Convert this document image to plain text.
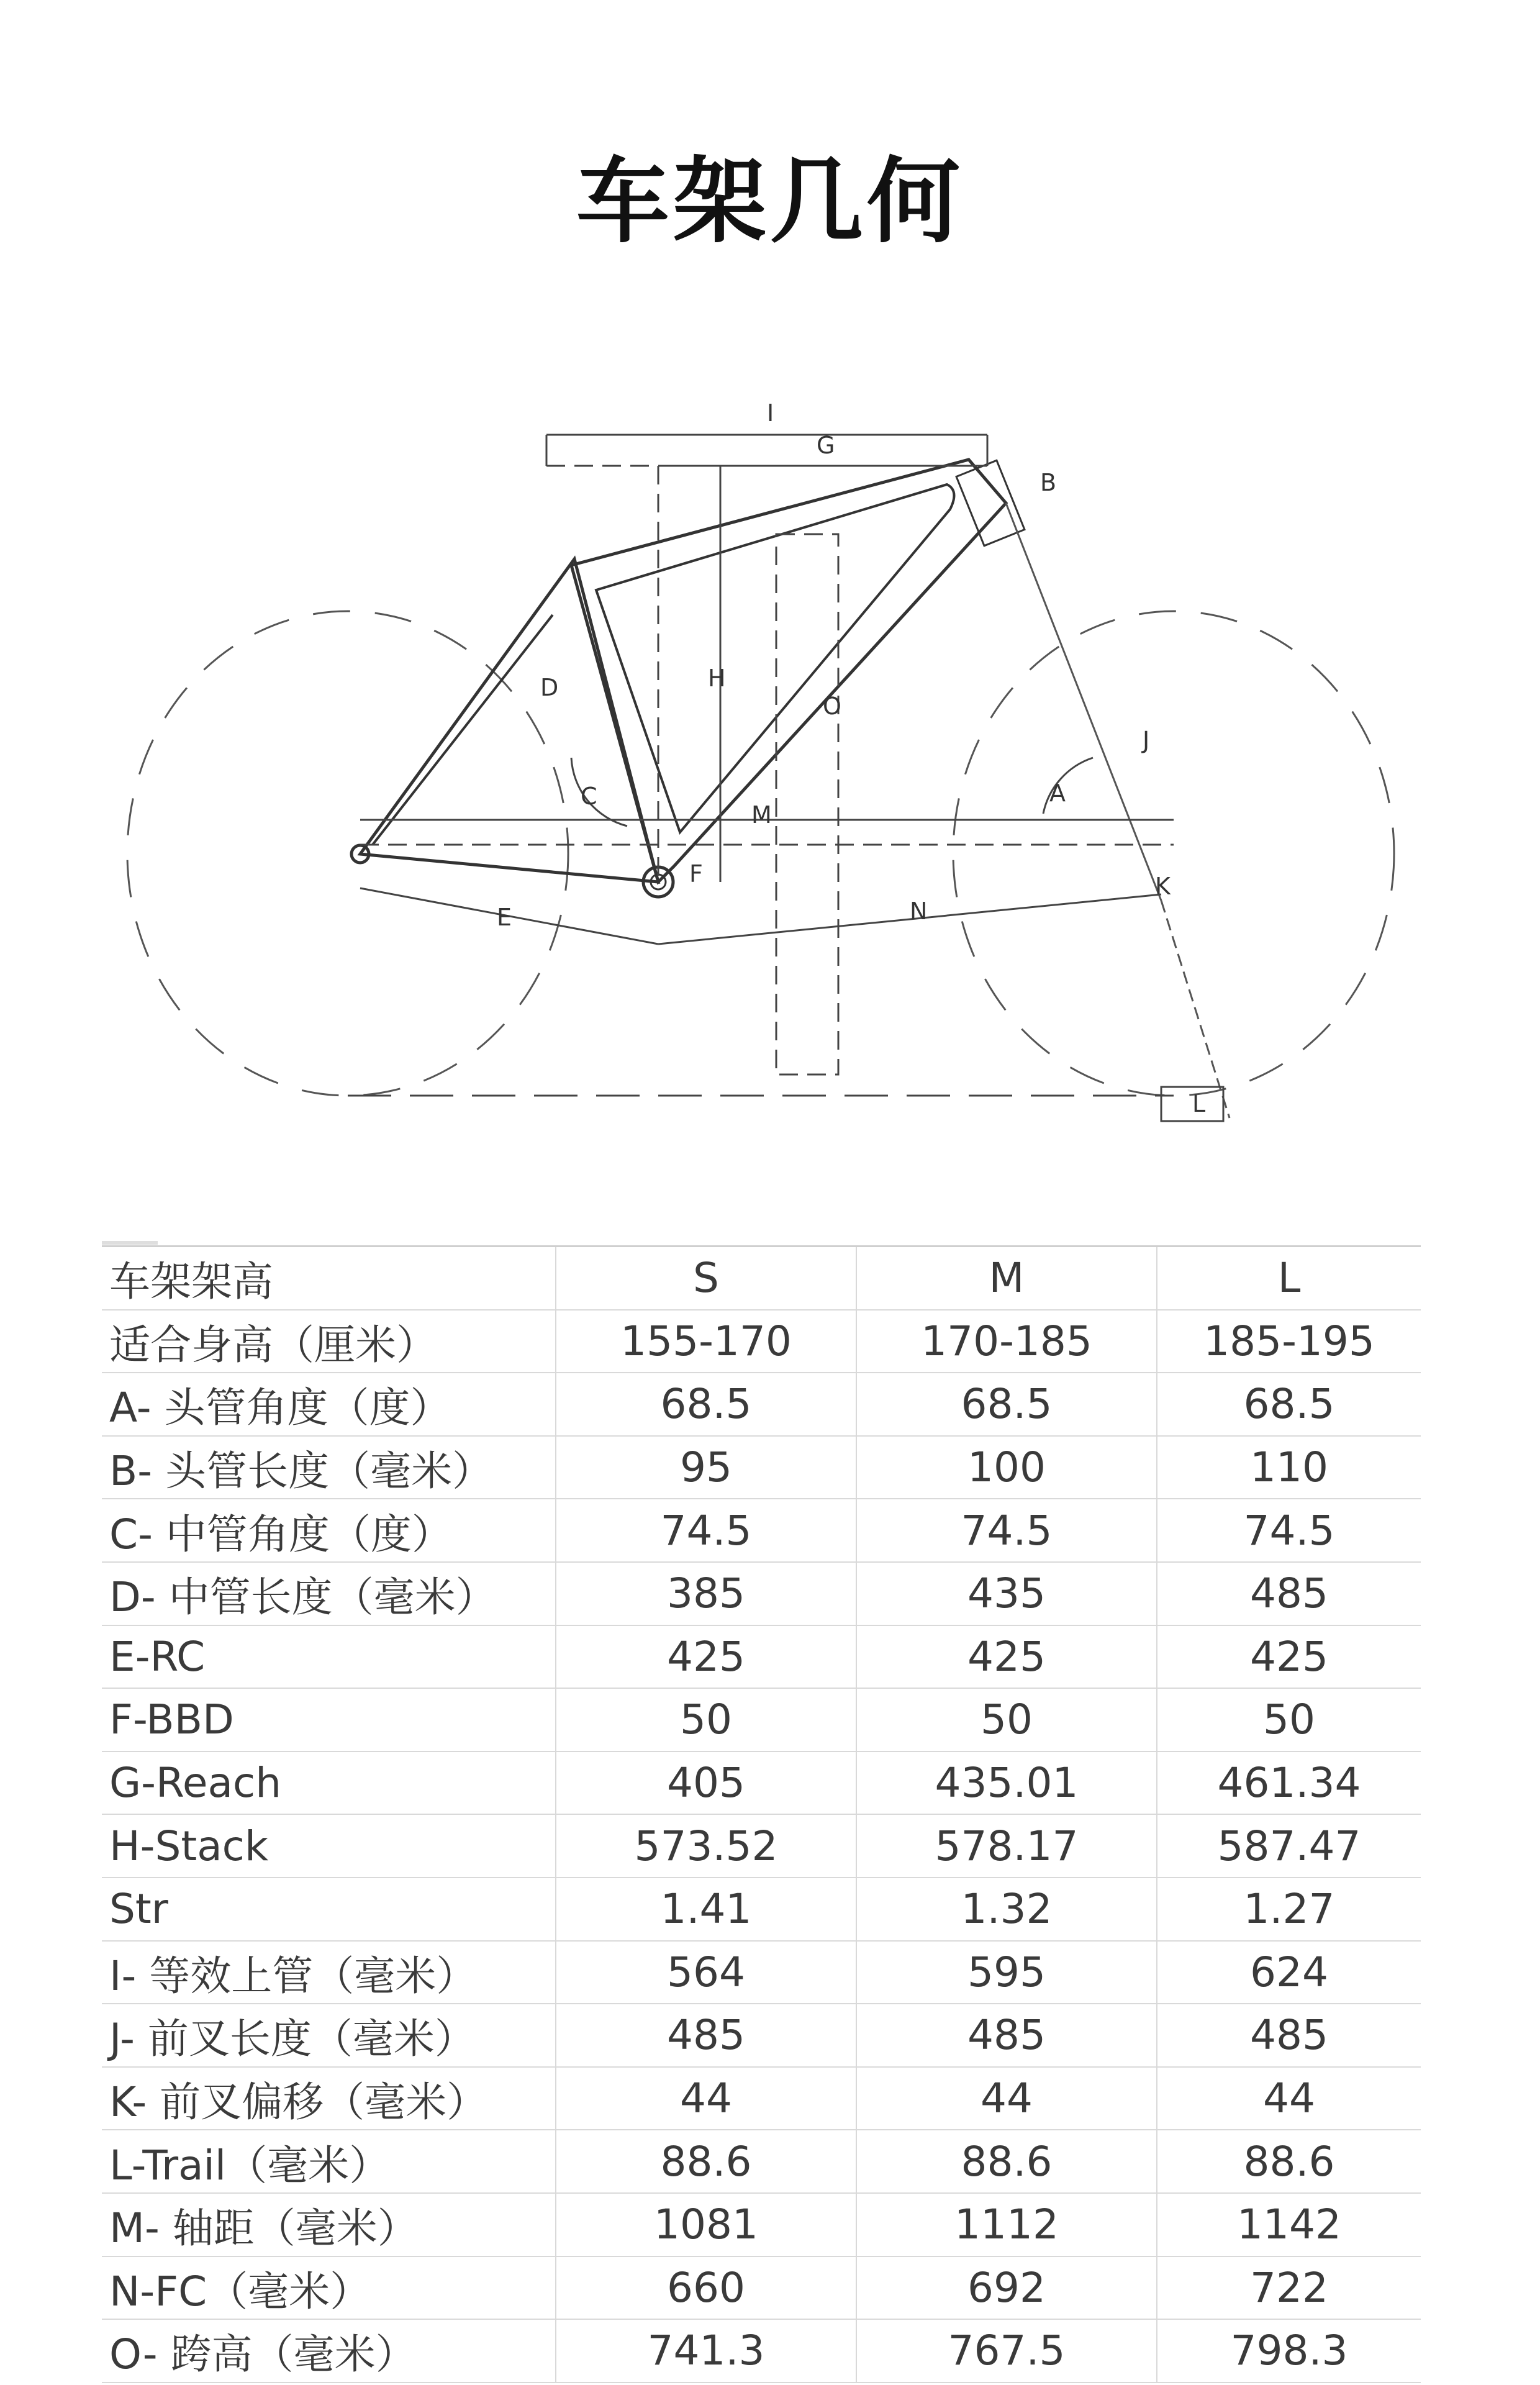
车架几何
I
G
B
H
D
O
J
A
C
M
F	K
E	N
L
车架架高	S	M	L
适合身高（厘米）	155-170	170-185	185-195
A- 头管角度（度）	68.5	68.5	68.5
B- 头管长度（毫米）	95	100	110
C- 中管角度（度）	74.5	74.5	74.5
D- 中管长度（毫米）	385	435	485
E-RC	425	425	425
F-BBD	50	50	50
G-Reach	405	435.01	461.34
H-Stack	573.52	578.17	587.47
Str	1.41	1.32	1.27
I- 等效上管（毫米）	564	595	624
J- 前叉长度（毫米）	485	485	485
K- 前叉偏移（毫米）	44	44	44
L-Trail（毫米）	88.6	88.6	88.6
M- 轴距（毫米）	1081	1112	1142
N-FC（毫米）	660	692	722
O- 跨高（毫米）	741.3	767.5	798.3
